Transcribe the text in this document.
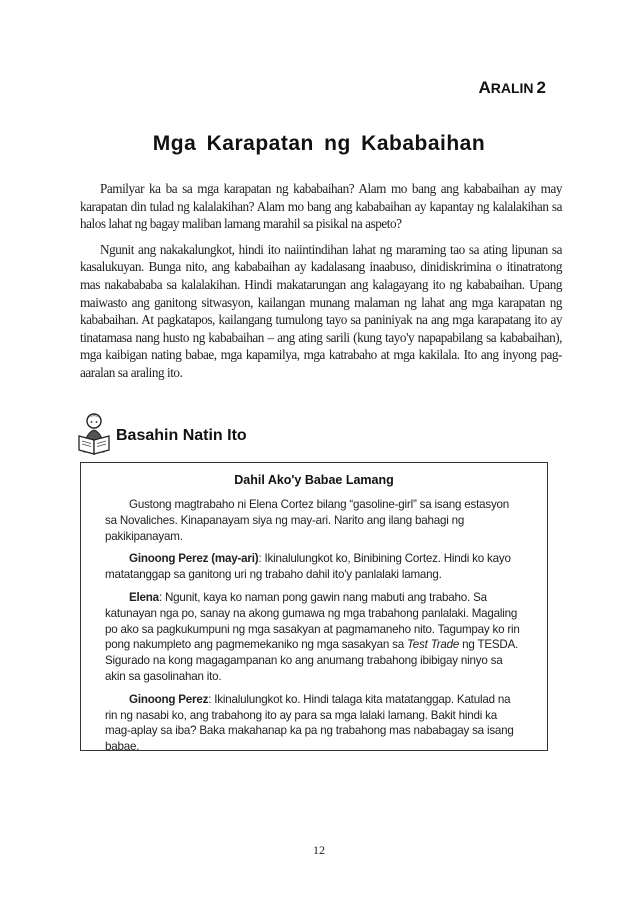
ARALIN 2
Mga Karapatan ng Kababaihan

Pamilyar ka ba sa mga karapatan ng kababaihan? Alam mo bang ang kababaihan ay may karapatan din tulad ng kalalakihan? Alam mo bang ang kababaihan ay kapantay ng kalalakihan sa halos lahat ng bagay maliban lamang marahil sa pisikal na aspeto?

Ngunit ang nakakalungkot, hindi ito naiintindihan lahat ng maraming tao sa ating lipunan sa kasalukuyan. Bunga nito, ang kababaihan ay kadalasang inaabuso, dinidiskrimina o itinatratong mas nakabababa sa kalalakihan. Hindi makatarungan ang kalagayang ito ng kababaihan. Upang maiwasto ang ganitong sitwasyon, kailangan munang malaman ng lahat ang mga karapatan ng kababaihan. At pagkatapos, kailangang tumulong tayo sa paniniyak na ang mga karapatang ito ay tinatamasa nang husto ng kababaihan – ang ating sarili (kung tayo'y napapabilang sa kababaihan), mga kaibigan nating babae, mga kapamilya, mga katrabaho at mga kakilala. Ito ang inyong pag-aaralan sa araling ito.

Basahin Natin Ito
Dahil Ako'y Babae Lamang

Gustong magtrabaho ni Elena Cortez bilang “gasoline-girl” sa isang estasyon sa Novaliches. Kinapanayam siya ng may-ari. Narito ang ilang bahagi ng pakikipanayam.

Ginoong Perez (may-ari): Ikinalulungkot ko, Binibining Cortez. Hindi ko kayo matatanggap sa ganitong uri ng trabaho dahil ito'y panlalaki lamang.

Elena: Ngunit, kaya ko naman pong gawin nang mabuti ang trabaho. Sa katunayan nga po, sanay na akong gumawa ng mga trabahong panlalaki. Magaling po ako sa pagkukumpuni ng mga sasakyan at pagmamaneho nito. Tagumpay ko rin pong nakumpleto ang pagmemekaniko ng mga sasakyan sa Test Trade ng TESDA. Sigurado na kong magagampanan ko ang anumang trabahong ibibigay ninyo sa akin sa gasolinahan ito.

Ginoong Perez: Ikinalulungkot ko. Hindi talaga kita matatanggap. Katulad na rin ng nasabi ko, ang trabahong ito ay para sa mga lalaki lamang. Bakit hindi ka mag-aplay sa iba? Baka makahanap ka pa ng trabahong mas nababagay sa isang babae.

12
